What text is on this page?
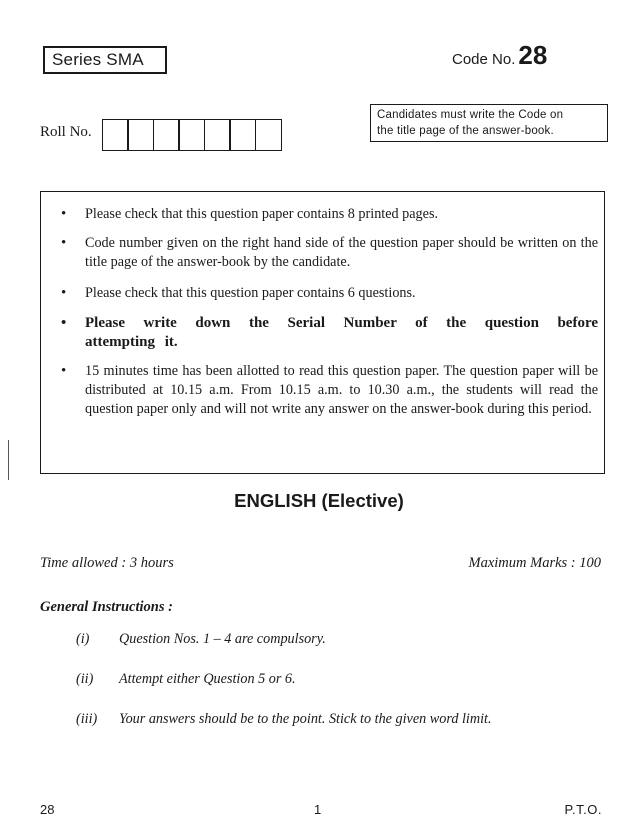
Series SMA	Code No. 28
Roll No.
Candidates must write the Code on
the title page of the answer-book.
• Please check that this question paper contains 8 printed pages.
• Code number given on the right hand side of the question paper should be written on the title page of the answer-book by the candidate.
• Please check that this question paper contains 6 questions.
• Please write down the Serial Number of the question before attempting it.
• 15 minutes time has been allotted to read this question paper. The question paper will be distributed at 10.15 a.m. From 10.15 a.m. to 10.30 a.m., the students will read the question paper only and will not write any answer on the answer-book during this period.
ENGLISH (Elective)
Time allowed : 3 hours	Maximum Marks : 100
General Instructions :
(i) Question Nos. 1 – 4 are compulsory.
(ii) Attempt either Question 5 or 6.
(iii) Your answers should be to the point. Stick to the given word limit.
28	1	P.T.O.
